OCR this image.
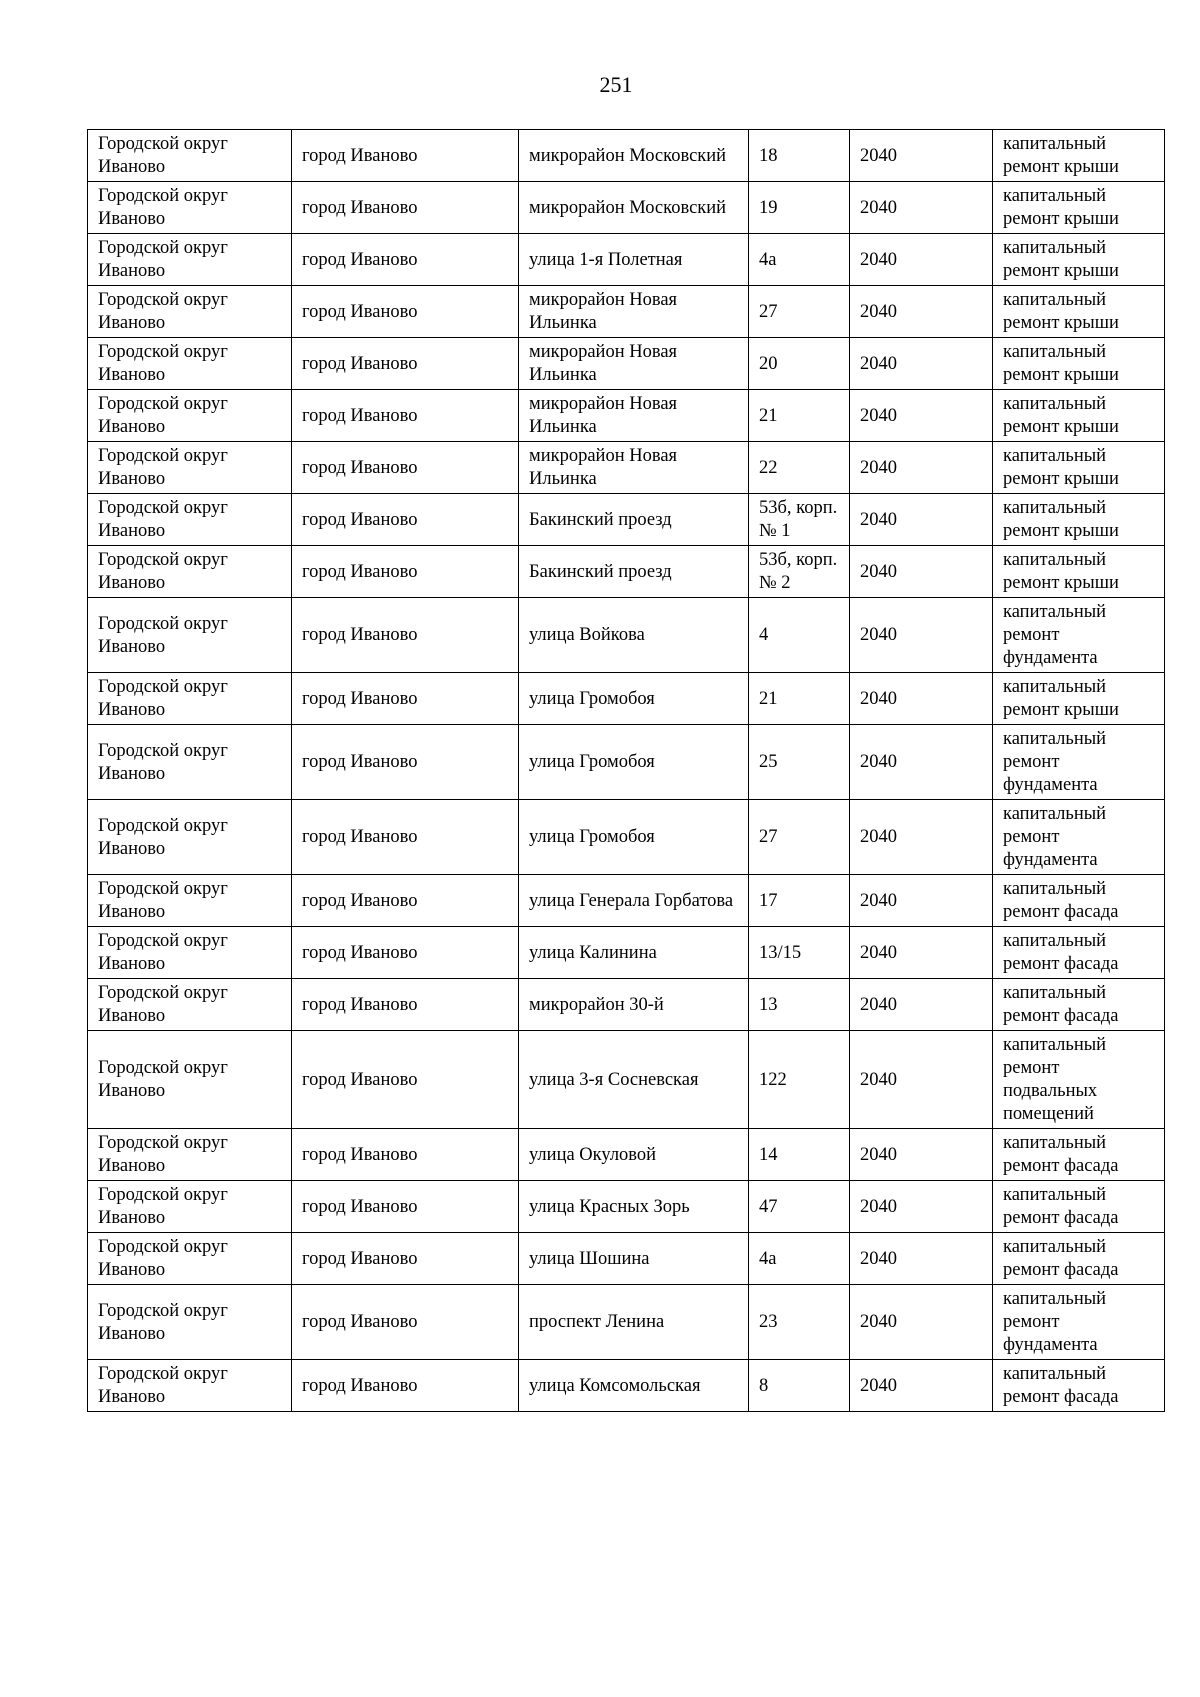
251
Городской округ Иваново	город Иваново	микрорайон Московский	18	2040	капитальный ремонт крыши
Городской округ Иваново	город Иваново	микрорайон Московский	19	2040	капитальный ремонт крыши
Городской округ Иваново	город Иваново	улица 1-я Полетная	4а	2040	капитальный ремонт крыши
Городской округ Иваново	город Иваново	микрорайон Новая Ильинка	27	2040	капитальный ремонт крыши
Городской округ Иваново	город Иваново	микрорайон Новая Ильинка	20	2040	капитальный ремонт крыши
Городской округ Иваново	город Иваново	микрорайон Новая Ильинка	21	2040	капитальный ремонт крыши
Городской округ Иваново	город Иваново	микрорайон Новая Ильинка	22	2040	капитальный ремонт крыши
Городской округ Иваново	город Иваново	Бакинский проезд	53б, корп. № 1	2040	капитальный ремонт крыши
Городской округ Иваново	город Иваново	Бакинский проезд	53б, корп. № 2	2040	капитальный ремонт крыши
Городской округ Иваново	город Иваново	улица Войкова	4	2040	капитальный ремонт фундамента
Городской округ Иваново	город Иваново	улица Громобоя	21	2040	капитальный ремонт крыши
Городской округ Иваново	город Иваново	улица Громобоя	25	2040	капитальный ремонт фундамента
Городской округ Иваново	город Иваново	улица Громобоя	27	2040	капитальный ремонт фундамента
Городской округ Иваново	город Иваново	улица Генерала Горбатова	17	2040	капитальный ремонт фасада
Городской округ Иваново	город Иваново	улица Калинина	13/15	2040	капитальный ремонт фасада
Городской округ Иваново	город Иваново	микрорайон 30-й	13	2040	капитальный ремонт фасада
Городской округ Иваново	город Иваново	улица 3-я Сосневская	122	2040	капитальный ремонт подвальных помещений
Городской округ Иваново	город Иваново	улица Окуловой	14	2040	капитальный ремонт фасада
Городской округ Иваново	город Иваново	улица Красных Зорь	47	2040	капитальный ремонт фасада
Городской округ Иваново	город Иваново	улица Шошина	4а	2040	капитальный ремонт фасада
Городской округ Иваново	город Иваново	проспект Ленина	23	2040	капитальный ремонт фундамента
Городской округ Иваново	город Иваново	улица Комсомольская	8	2040	капитальный ремонт фасада
